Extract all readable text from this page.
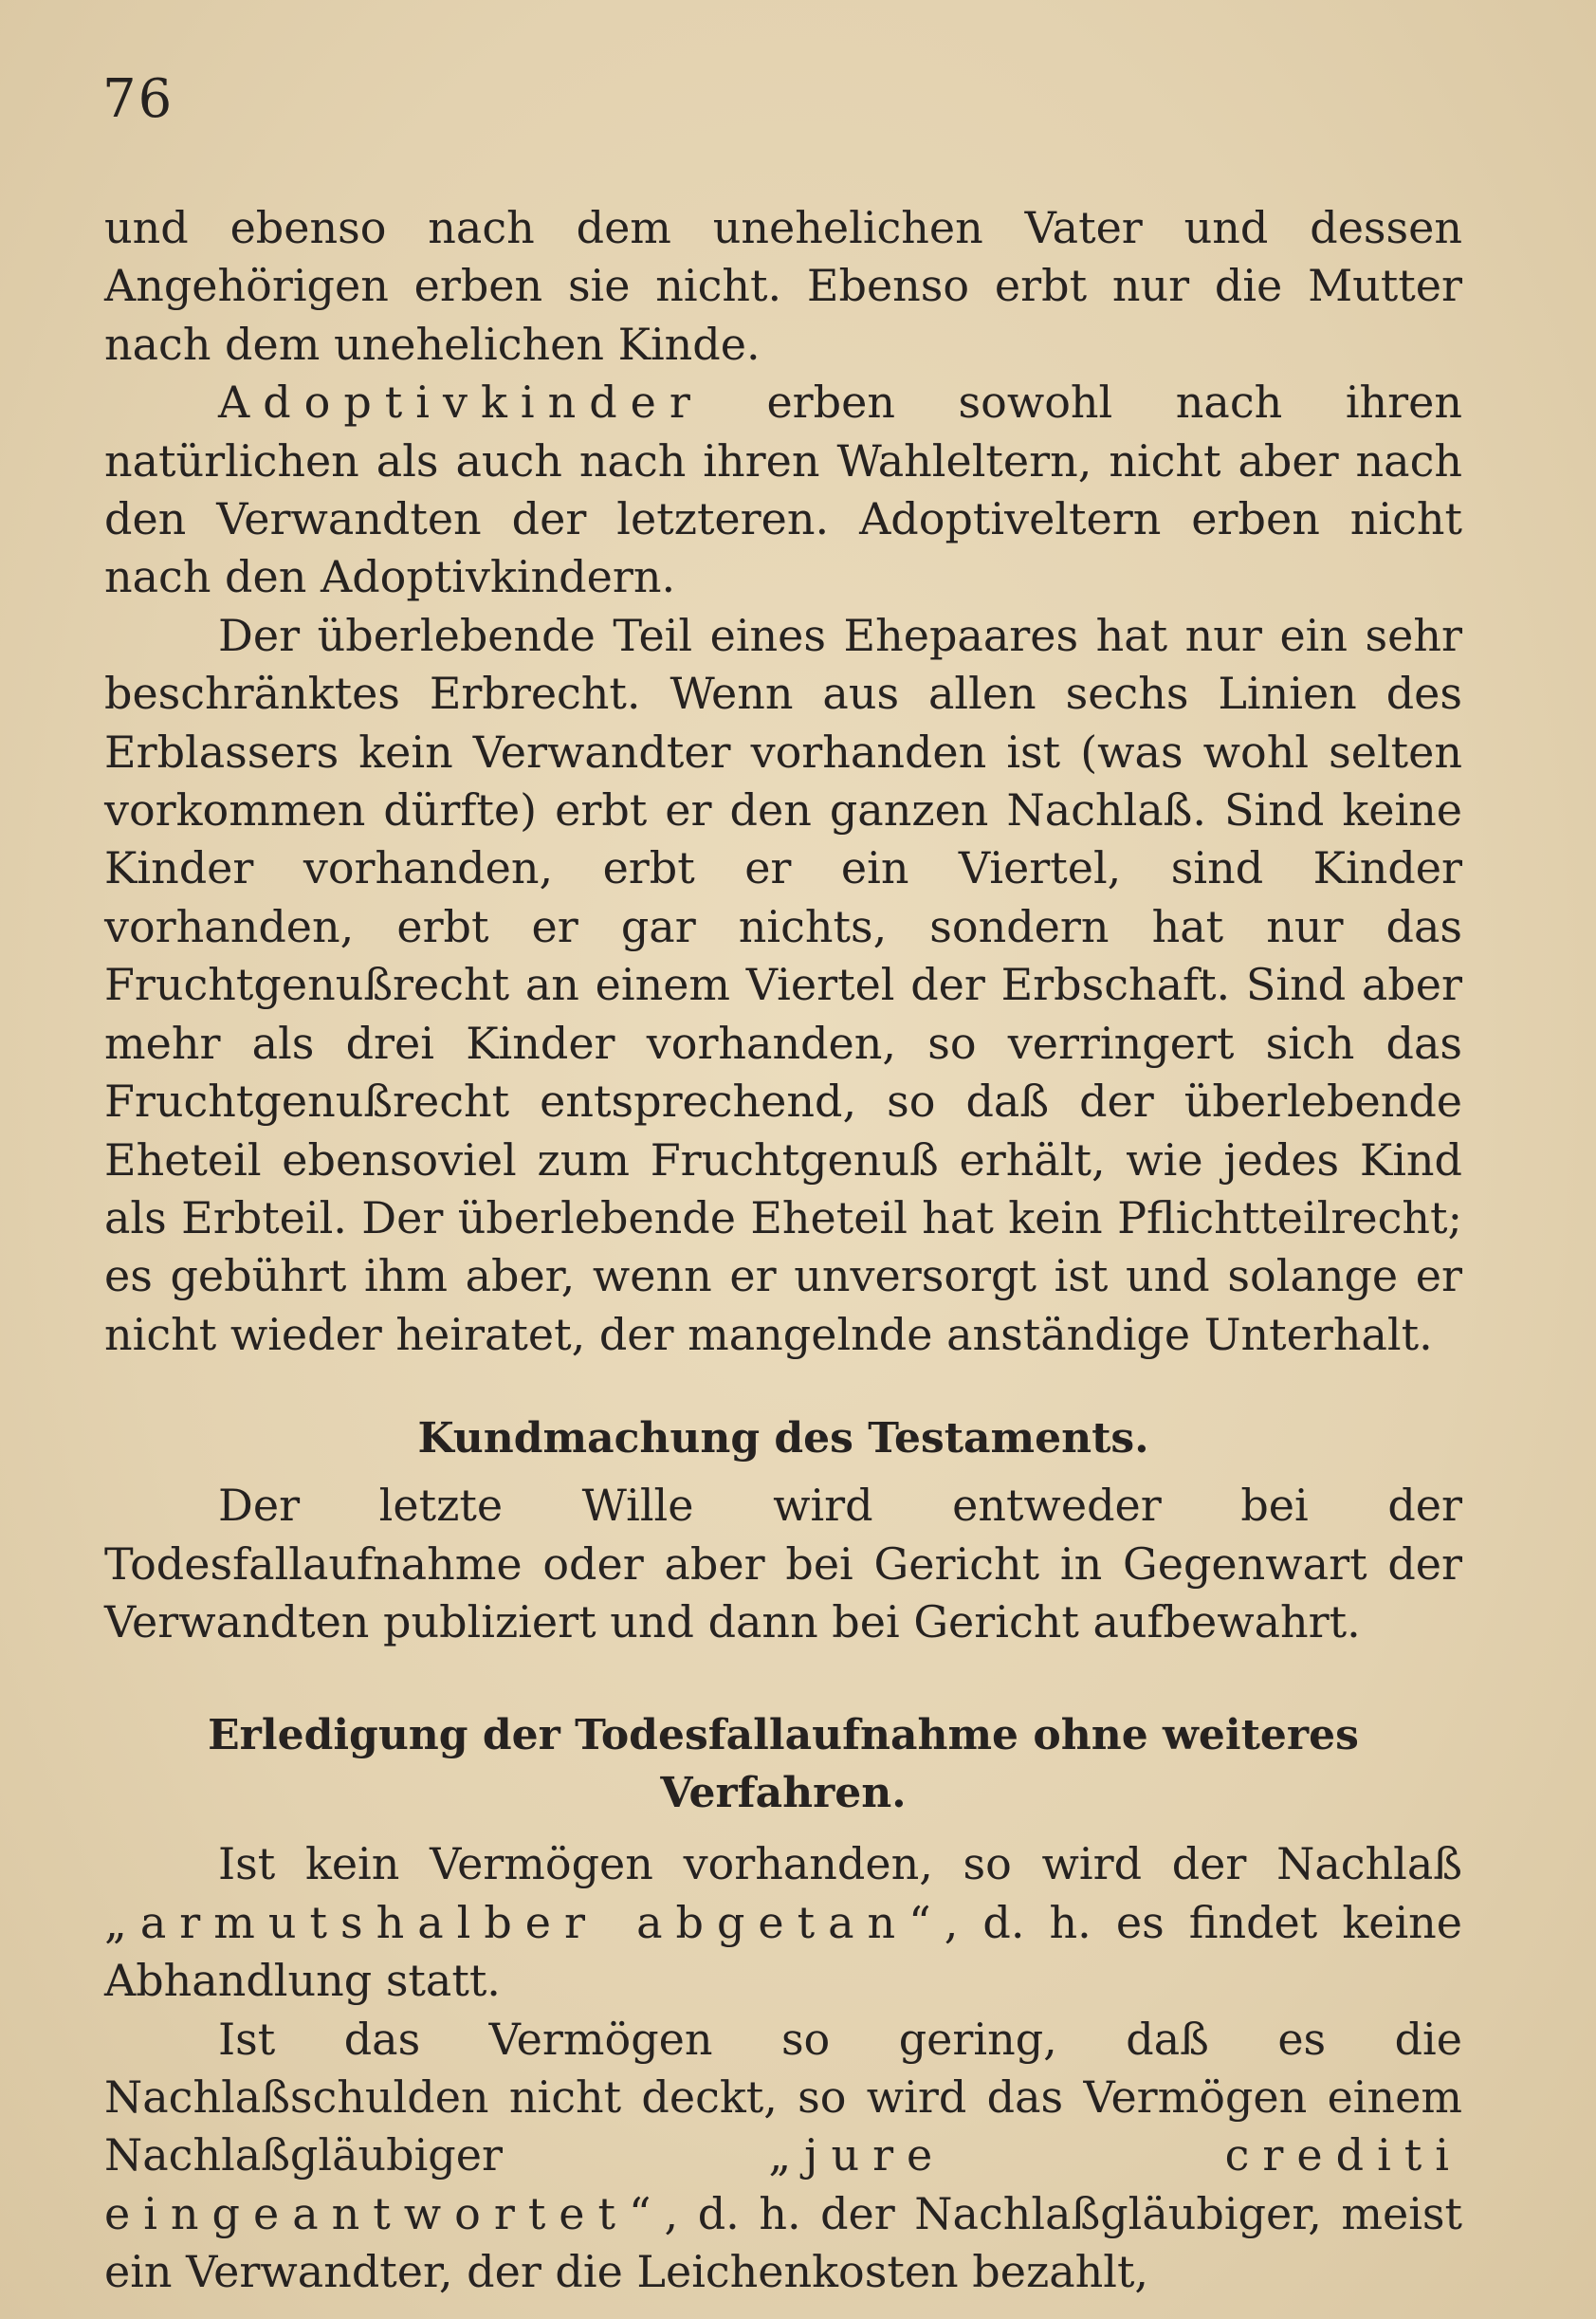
76

und ebenso nach dem unehelichen Vater und dessen Angehörigen erben sie nicht. Ebenso erbt nur die Mutter nach dem unehelichen Kinde.

Adoptivkinder erben sowohl nach ihren natürlichen als auch nach ihren Wahleltern, nicht aber nach den Verwandten der letzteren. Adoptiveltern erben nicht nach den Adoptivkindern.

Der überlebende Teil eines Ehepaares hat nur ein sehr beschränktes Erbrecht. Wenn aus allen sechs Linien des Erblassers kein Verwandter vorhanden ist (was wohl selten vorkommen dürfte) erbt er den ganzen Nachlaß. Sind keine Kinder vorhanden, erbt er ein Viertel, sind Kinder vorhanden, erbt er gar nichts, sondern hat nur das Fruchtgenußrecht an einem Viertel der Erbschaft. Sind aber mehr als drei Kinder vorhanden, so verringert sich das Fruchtgenußrecht entsprechend, so daß der überlebende Eheteil ebensoviel zum Fruchtgenuß erhält, wie jedes Kind als Erbteil. Der überlebende Eheteil hat kein Pflichtteilrecht; es gebührt ihm aber, wenn er unversorgt ist und solange er nicht wieder heiratet, der mangelnde anständige Unterhalt.

Kundmachung des Testaments.

Der letzte Wille wird entweder bei der Todesfallaufnahme oder aber bei Gericht in Gegenwart der Verwandten publiziert und dann bei Gericht aufbewahrt.

Erledigung der Todesfallaufnahme ohne weiteres Verfahren.

Ist kein Vermögen vorhanden, so wird der Nachlaß „armutshalber abgetan“, d. h. es findet keine Abhandlung statt.

Ist das Vermögen so gering, daß es die Nachlaßschulden nicht deckt, so wird das Vermögen einem Nachlaßgläubiger „jure crediti eingeantwortet“, d. h. der Nachlaßgläubiger, meist ein Verwandter, der die Leichenkosten bezahlt,
